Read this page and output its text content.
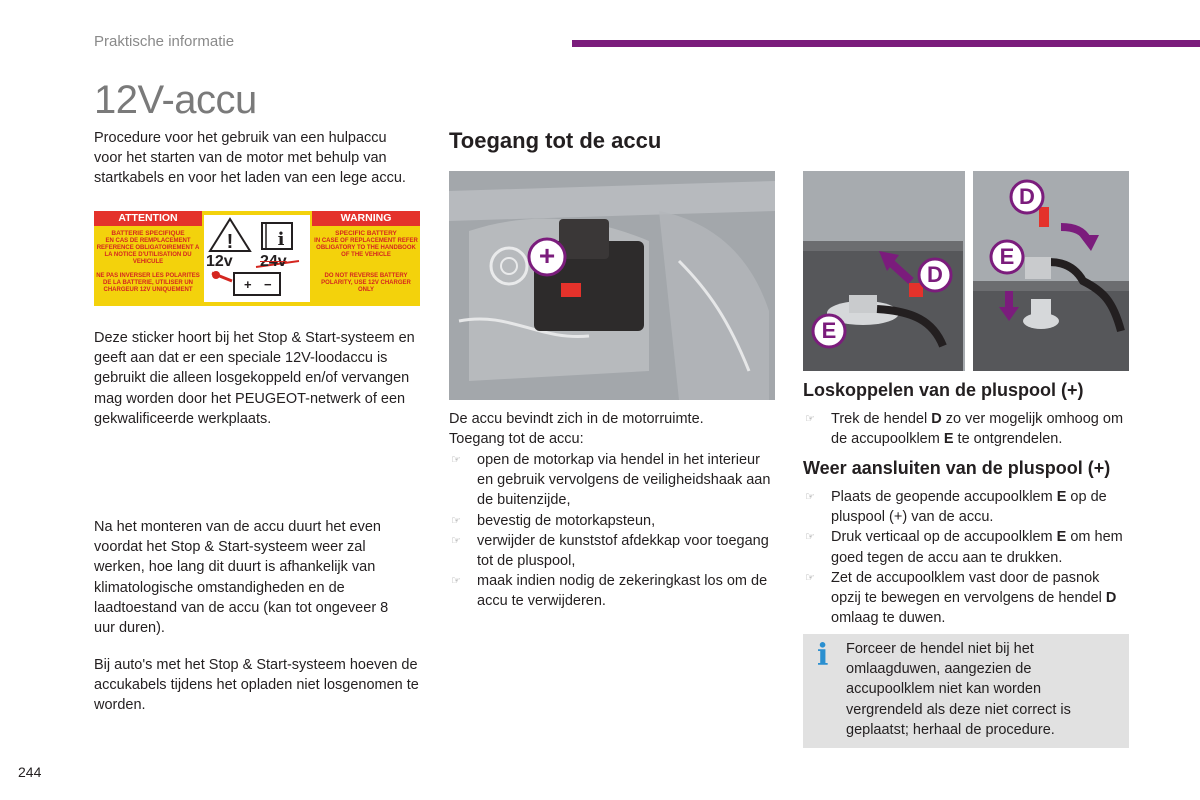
Praktische informatie
12V-accu

Procedure voor het gebruik van een hulpaccu voor het starten van de motor met behulp van startkabels en voor het laden van een lege accu.

ATTENTION	WARNING
BATTERIE SPECIFIQUE
EN CAS DE REMPLACEMENT REFERENCE OBLIGATOIREMENT A LA NOTICE D'UTILISATION DU VEHICULE
NE PAS INVERSER LES POLARITES DE LA BATTERIE, UTILISER UN CHARGEUR 12V UNIQUEMENT
SPECIFIC BATTERY
IN CASE OF REPLACEMENT REFER OBLIGATORY TO THE HANDBOOK OF THE VEHICLE
DO NOT REVERSE BATTERY POLARITY, USE 12V CHARGER ONLY
! i
+ −
12v 24v

Deze sticker hoort bij het Stop & Start-systeem en geeft aan dat er een speciale 12V-loodaccu is gebruikt die alleen losgekoppeld en/of vervangen mag worden door het PEUGEOT-netwerk of een gekwalificeerde werkplaats.

Na het monteren van de accu duurt het even voordat het Stop & Start-systeem weer zal werken, hoe lang dit duurt is afhankelijk van klimatologische omstandigheden en de laadtoestand van de accu (kan tot ongeveer 8 uur duren).

Bij auto's met het Stop & Start-systeem hoeven de accukabels tijdens het opladen niet losgenomen te worden.

Toegang tot de accu
+

De accu bevindt zich in de motorruimte.

Toegang tot de accu:

☞ open de motorkap via hendel in het interieur en gebruik vervolgens de veiligheidshaak aan de buitenzijde,
☞ bevestig de motorkapsteun,
☞ verwijder de kunststof afdekkap voor toegang tot de pluspool,
☞ maak indien nodig de zekeringkast los om de accu te verwijderen.
D
E
D
E
Loskoppelen van de pluspool (+)
☞ Trek de hendel D zo ver mogelijk omhoog om de accupoolklem E te ontgrendelen.
Weer aansluiten van de pluspool (+)
☞ Plaats de geopende accupoolklem E op de pluspool (+) van de accu.
☞ Druk verticaal op de accupoolklem E om hem goed tegen de accu aan te drukken.
☞ Zet de accupoolklem vast door de pasnok opzij te bewegen en vervolgens de hendel D omlaag te duwen.
i Forceer de hendel niet bij het omlaagduwen, aangezien de accupoolklem niet kan worden vergrendeld als deze niet correct is geplaatst; herhaal de procedure.
244
